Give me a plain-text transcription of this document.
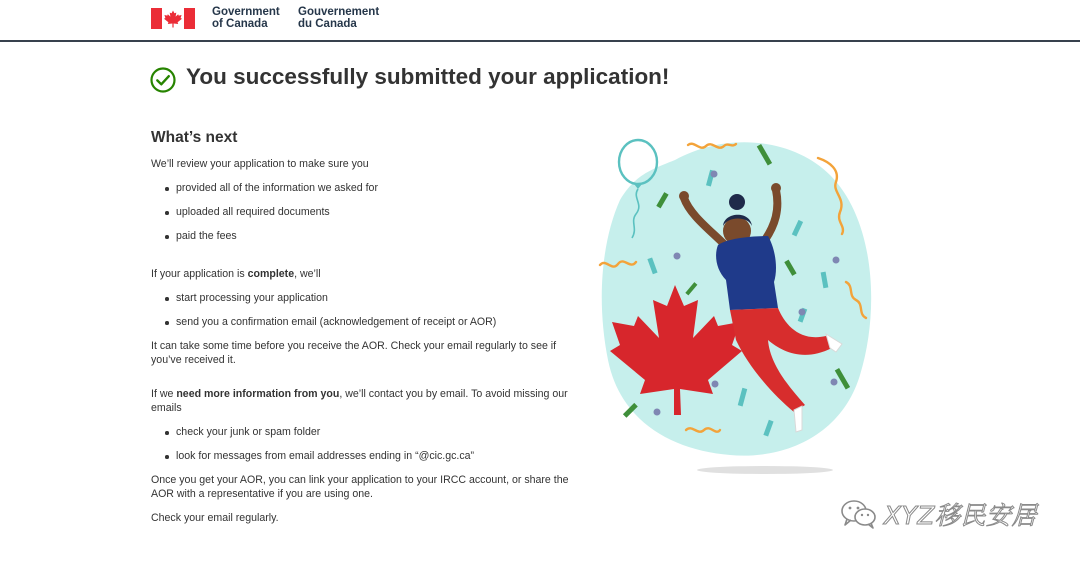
Government
of Canada
Gouvernement
du Canada
You successfully submitted your application!
What’s next

We’ll review your application to make sure you

provided all of the information we asked for
uploaded all required documents
paid the fees

If your application is complete, we’ll

start processing your application
send you a confirmation email (acknowledgement of receipt or AOR)

It can take some time before you receive the AOR. Check your email regularly to see if you’ve received it.

If we need more information from you, we’ll contact you by email. To avoid missing our emails

check your junk or spam folder
look for messages from email addresses ending in “@cic.gc.ca”

Once you get your AOR, you can link your application to your IRCC account, or share the AOR with a representative if you are using one.

Check your email regularly.	XYZ移民安居
